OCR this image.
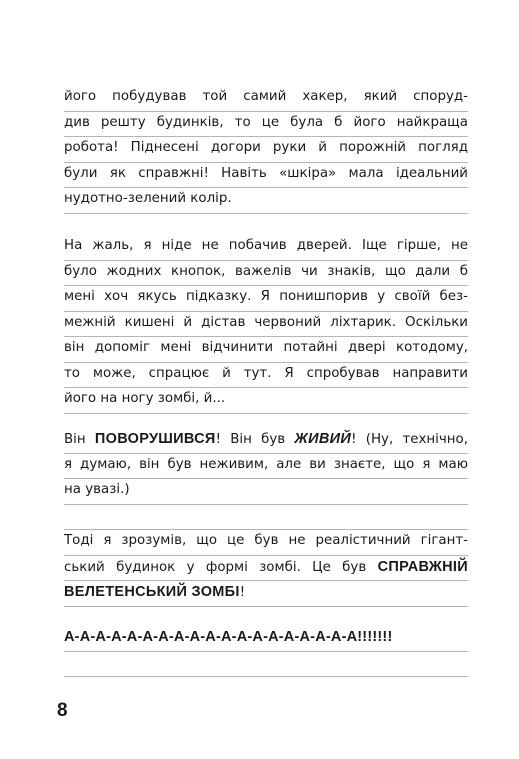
його побудував той самий хакер, який споруд-
див решту будинків, то це була б його найкраща
робота! Піднесені догори руки й порожній погляд
були як справжні! Навіть «шкіра» мала ідеальний
нудотно-зелений колір.
На жаль, я ніде не побачив дверей. Іще гірше, не
було жодних кнопок, важелів чи знаків, що дали б
мені хоч якусь підказку. Я понишпорив у своїй без-
межній кишені й дістав червоний ліхтарик. Оскільки
він допоміг мені відчинити потайні двері котодому,
то може, спрацює й тут. Я спробував направити
його на ногу зомбі, й...
Він ПОВОРУШИВСЯ! Він був ЖИВИЙ! (Ну, технічно,
я думаю, він був неживим, але ви знаєте, що я маю
на увазі.)
Тоді я зрозумів, що це був не реалістичний гігант-
ський будинок у формі зомбі. Це був СПРАВЖНІЙ
ВЕЛЕТЕНСЬКИЙ ЗОМБІ!
А-А-А-А-А-А-А-А-А-А-А-А-А-А-А-А-А-А-А!!!!!!!
8
